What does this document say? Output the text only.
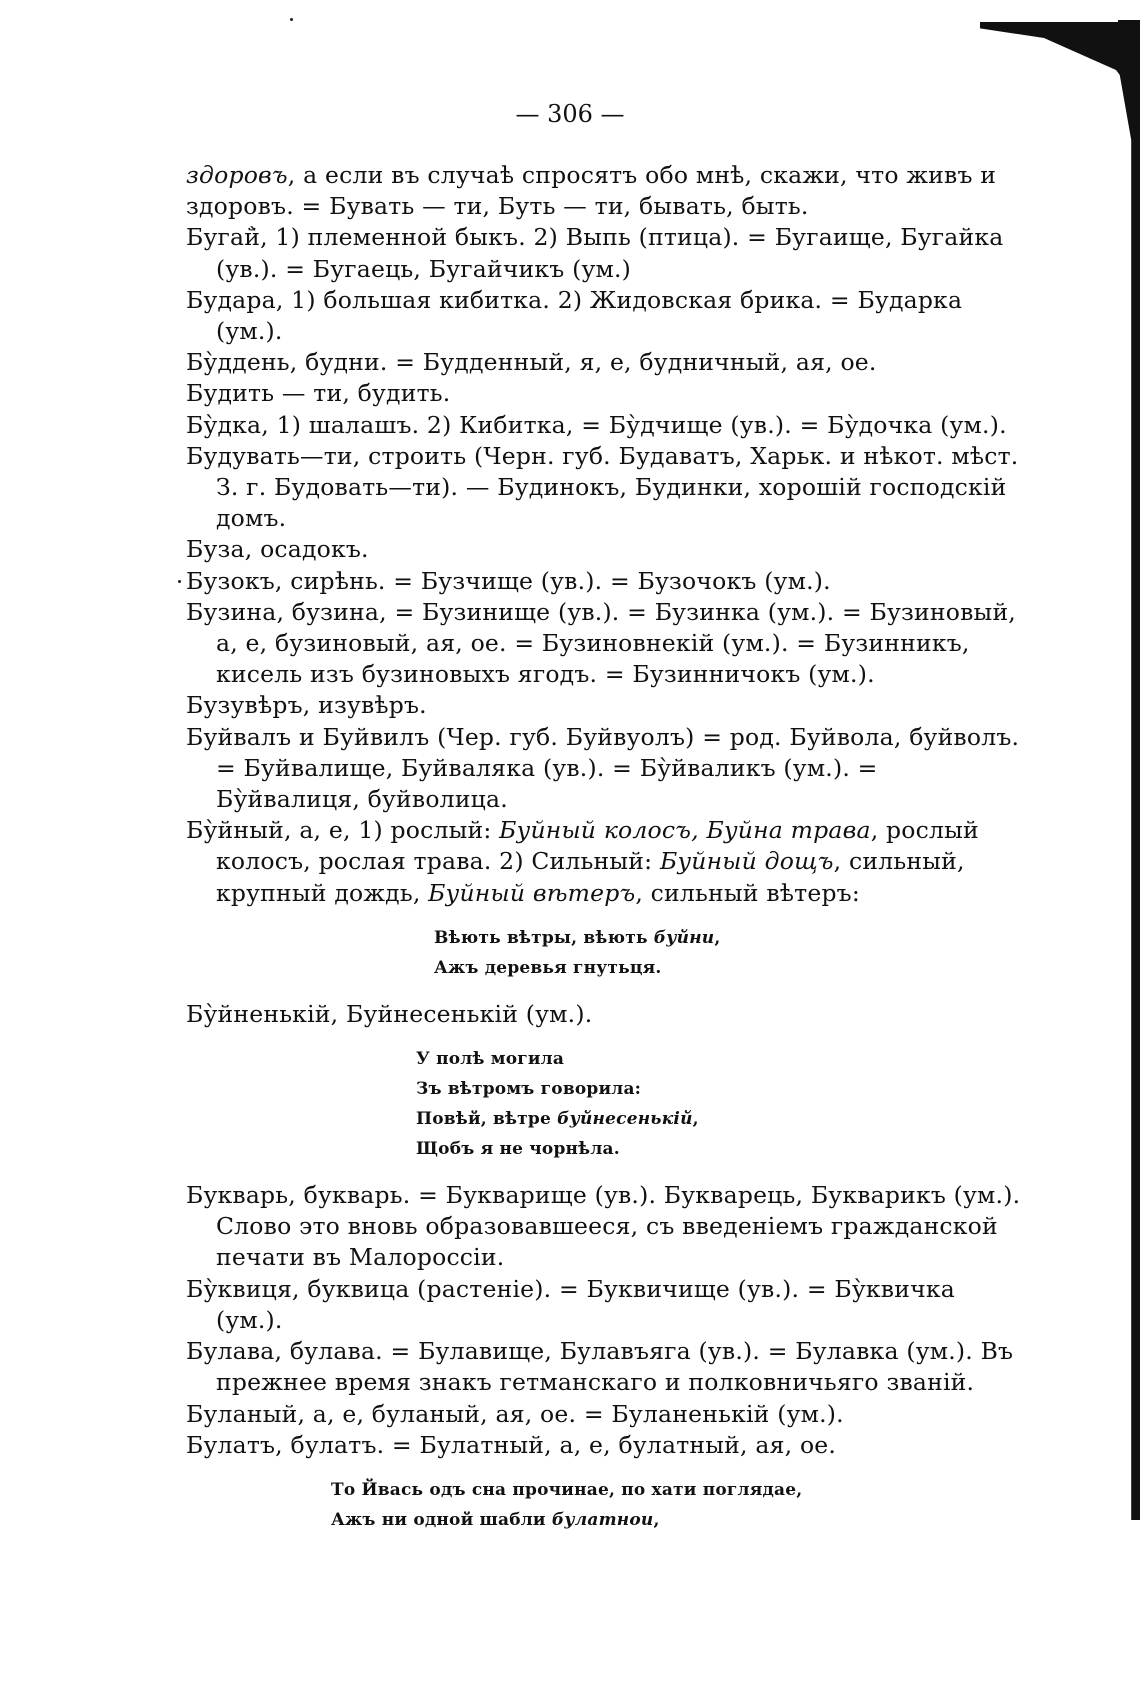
— 306 —

здоровъ, а если въ случаѣ спросятъ обо мнѣ, скажи, что живъ и здоровъ. = Бувать — ти, Буть — ти, бывать, быть.

Бугай̀, 1) племенной быкъ. 2) Выпь (птица). = Бугаище, Бугайка (ув.). = Бугаець, Бугайчикъ (ум.)

Будара, 1) большая кибитка. 2) Жидовская брика. = Бударка (ум.).

Бу̀ддень, будни. = Будденный, я, е, будничный, ая, ое.

Будить — ти, будить.

Бу̀дка, 1) шалашъ. 2) Кибитка, = Бу̀дчище (ув.). = Бу̀дочка (ум.).

Будувать—ти, строить (Черн. губ. Будаватъ, Харьк. и нѣкот. мѣст. З. г. Будовать—ти). — Будинокъ, Будинки, хорошій господскій домъ.

Буза, осадокъ.

Бузокъ, сирѣнь. = Бузчище (ув.). = Бузочокъ (ум.).

Бузина, бузина, = Бузинище (ув.). = Бузинка (ум.). = Бузиновый, а, е, бузиновый, ая, ое. = Бузиновнекій (ум.). = Бузинникъ, кисель изъ бузиновыхъ ягодъ. = Бузинничокъ (ум.).

Бузувѣръ, изувѣръ.

Буйвалъ и Буйвилъ (Чер. губ. Буйвуолъ) = род. Буйвола, буйволъ. = Буйвалище, Буйваляка (ув.). = Бу̀йваликъ (ум.). = Бу̀йвалиця, буйволица.

Бу̀йный, а, е, 1) рослый: Буйный колосъ, Буйна трава, рослый колосъ, рослая трава. 2) Сильный: Буйный дощъ, сильный, крупный дождь, Буйный вѣтеръ, сильный вѣтеръ:

Вѣють вѣтры, вѣють буйни,
Ажъ деревья гнутьця.

Бу̀йненькій, Буйнесенькій (ум.).

У полѣ могила
Зъ вѣтромъ говорила:
Повѣй, вѣтре буйнесенькій,
Щобъ я не чорнѣла.

Букварь, букварь. = Букварище (ув.). Букварець, Букварикъ (ум.). Слово это вновь образовавшееся, съ введеніемъ гражданской печати въ Малороссіи.

Бу̀квиця, буквица (растеніе). = Буквичище (ув.). = Бу̀квичка (ум.).

Булава, булава. = Булавище, Булавъяга (ув.). = Булавка (ум.). Въ прежнее время знакъ гетманскаго и полковничьяго званій.

Буланый, а, е, буланый, ая, ое. = Буланенькій (ум.).

Булатъ, булатъ. = Булатный, а, е, булатный, ая, ое.

То Йвась одъ сна прочинае, по хати поглядае,
Ажъ ни одной шабли булатнои,
